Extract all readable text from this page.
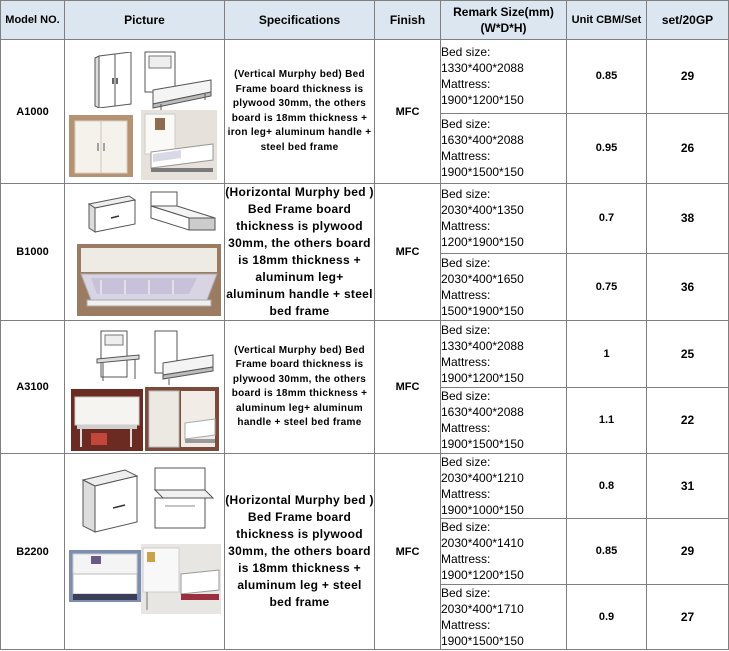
Model NO.	Picture	Specifications	Finish	Remark Size(mm)
(W*D*H)	Unit CBM/Set	set/20GP
A1000		(Vertical Murphy bed) Bed Frame board thickness is plywood 30mm, the others board is 18mm thickness + iron leg+ aluminum handle + steel bed frame	MFC	Bed size:
1330*400*2088
Mattress:
1900*1200*150	0.85	29
				Bed size:
1630*400*2088
Mattress:
1900*1500*150	0.95	26
B1000		(Horizontal Murphy bed ) Bed Frame board thickness is plywood 30mm, the others board is 18mm thickness + aluminum leg+ aluminum handle + steel bed frame	MFC	Bed size:
2030*400*1350
Mattress:
1200*1900*150	0.7	38
				Bed size:
2030*400*1650
Mattress:
1500*1900*150	0.75	36
A3100		(Vertical Murphy bed) Bed Frame board thickness is plywood 30mm, the others board is 18mm thickness + aluminum leg+ aluminum handle + steel bed frame	MFC	Bed size:
1330*400*2088
Mattress:
1900*1200*150	1	25
				Bed size:
1630*400*2088
Mattress:
1900*1500*150	1.1	22
B2200		(Horizontal Murphy bed ) Bed Frame board thickness is plywood 30mm, the others board is 18mm thickness + aluminum leg + steel bed frame	MFC	Bed size:
2030*400*1210
Mattress:
1900*1000*150	0.8	31
				Bed size:
2030*400*1410
Mattress:
1900*1200*150	0.85	29
				Bed size:
2030*400*1710
Mattress:
1900*1500*150	0.9	27
